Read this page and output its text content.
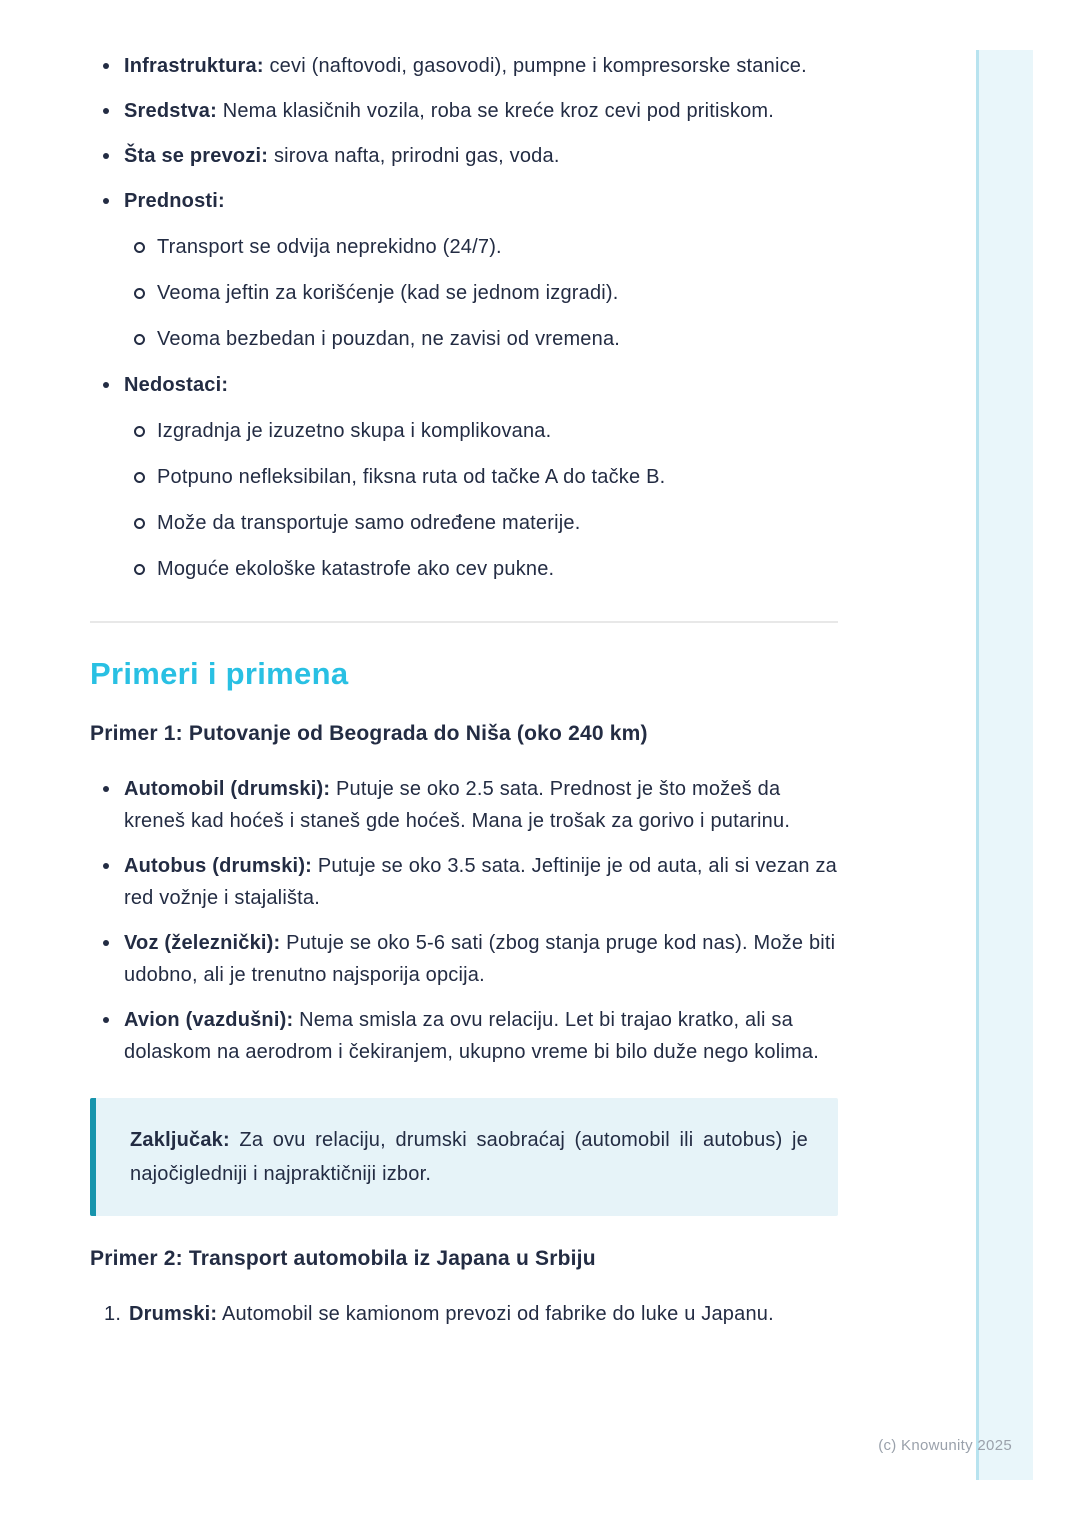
Infrastruktura: cevi (naftovodi, gasovodi), pumpne i kompresorske stanice.
Sredstva: Nema klasičnih vozila, roba se kreće kroz cevi pod pritiskom.
Šta se prevozi: sirova nafta, prirodni gas, voda.
Prednosti:
Transport se odvija neprekidno (24/7).
Veoma jeftin za korišćenje (kad se jednom izgradi).
Veoma bezbedan i pouzdan, ne zavisi od vremena.
Nedostaci:
Izgradnja je izuzetno skupa i komplikovana.
Potpuno nefleksibilan, fiksna ruta od tačke A do tačke B.
Može da transportuje samo određene materije.
Moguće ekološke katastrofe ako cev pukne.
Primeri i primena
Primer 1: Putovanje od Beograda do Niša (oko 240 km)
Automobil (drumski): Putuje se oko 2.5 sata. Prednost je što možeš da kreneš kad hoćeš i staneš gde hoćeš. Mana je trošak za gorivo i putarinu.
Autobus (drumski): Putuje se oko 3.5 sata. Jeftinije je od auta, ali si vezan za red vožnje i stajališta.
Voz (železnički): Putuje se oko 5-6 sati (zbog stanja pruge kod nas). Može biti udobno, ali je trenutno najsporija opcija.
Avion (vazdušni): Nema smisla za ovu relaciju. Let bi trajao kratko, ali sa dolaskom na aerodrom i čekiranjem, ukupno vreme bi bilo duže nego kolima.

Zaključak: Za ovu relaciju, drumski saobraćaj (automobil ili autobus) je najočigledniji i najpraktičniji izbor.

Primer 2: Transport automobila iz Japana u Srbiju
1. Drumski: Automobil se kamionom prevozi od fabrike do luke u Japanu.
(c) Knowunity 2025
